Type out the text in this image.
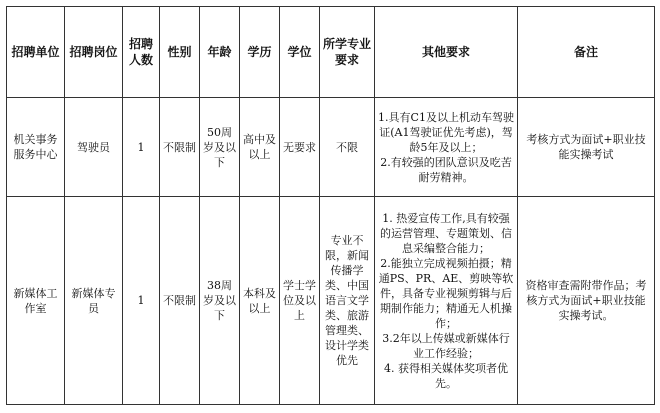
招聘单位	招聘岗位	招聘人数	性别	年龄	学历	学位	所学专业要求	其他要求	备注
机关事务服务中心	驾驶员	1	不限制	50周岁及以下	高中及以上	无要求	不限	1.具有C1及以上机动车驾驶证(A1驾驶证优先考虑)，驾龄5年及以上；
2.有较强的团队意识及吃苦耐劳精神。	考核方式为面试+职业技能实操考试
新媒体工作室	新媒体专员	1	不限制	38周岁及以下	本科及以上	学士学位及以上	专业不限，新闻传播学类、中国语言文学类、旅游管理类、设计学类优先	1. 热爱宣传工作,具有较强的运营管理、专题策划、信息采编整合能力；
2.能独立完成视频拍摄；精通PS、PR、AE、剪映等软件，具备专业视频剪辑与后期制作能力；精通无人机操作；
3.2年以上传媒或新媒体行业工作经验；
4. 获得相关媒体奖项者优先。	资格审查需附带作品；考核方式为面试+职业技能实操考试。
